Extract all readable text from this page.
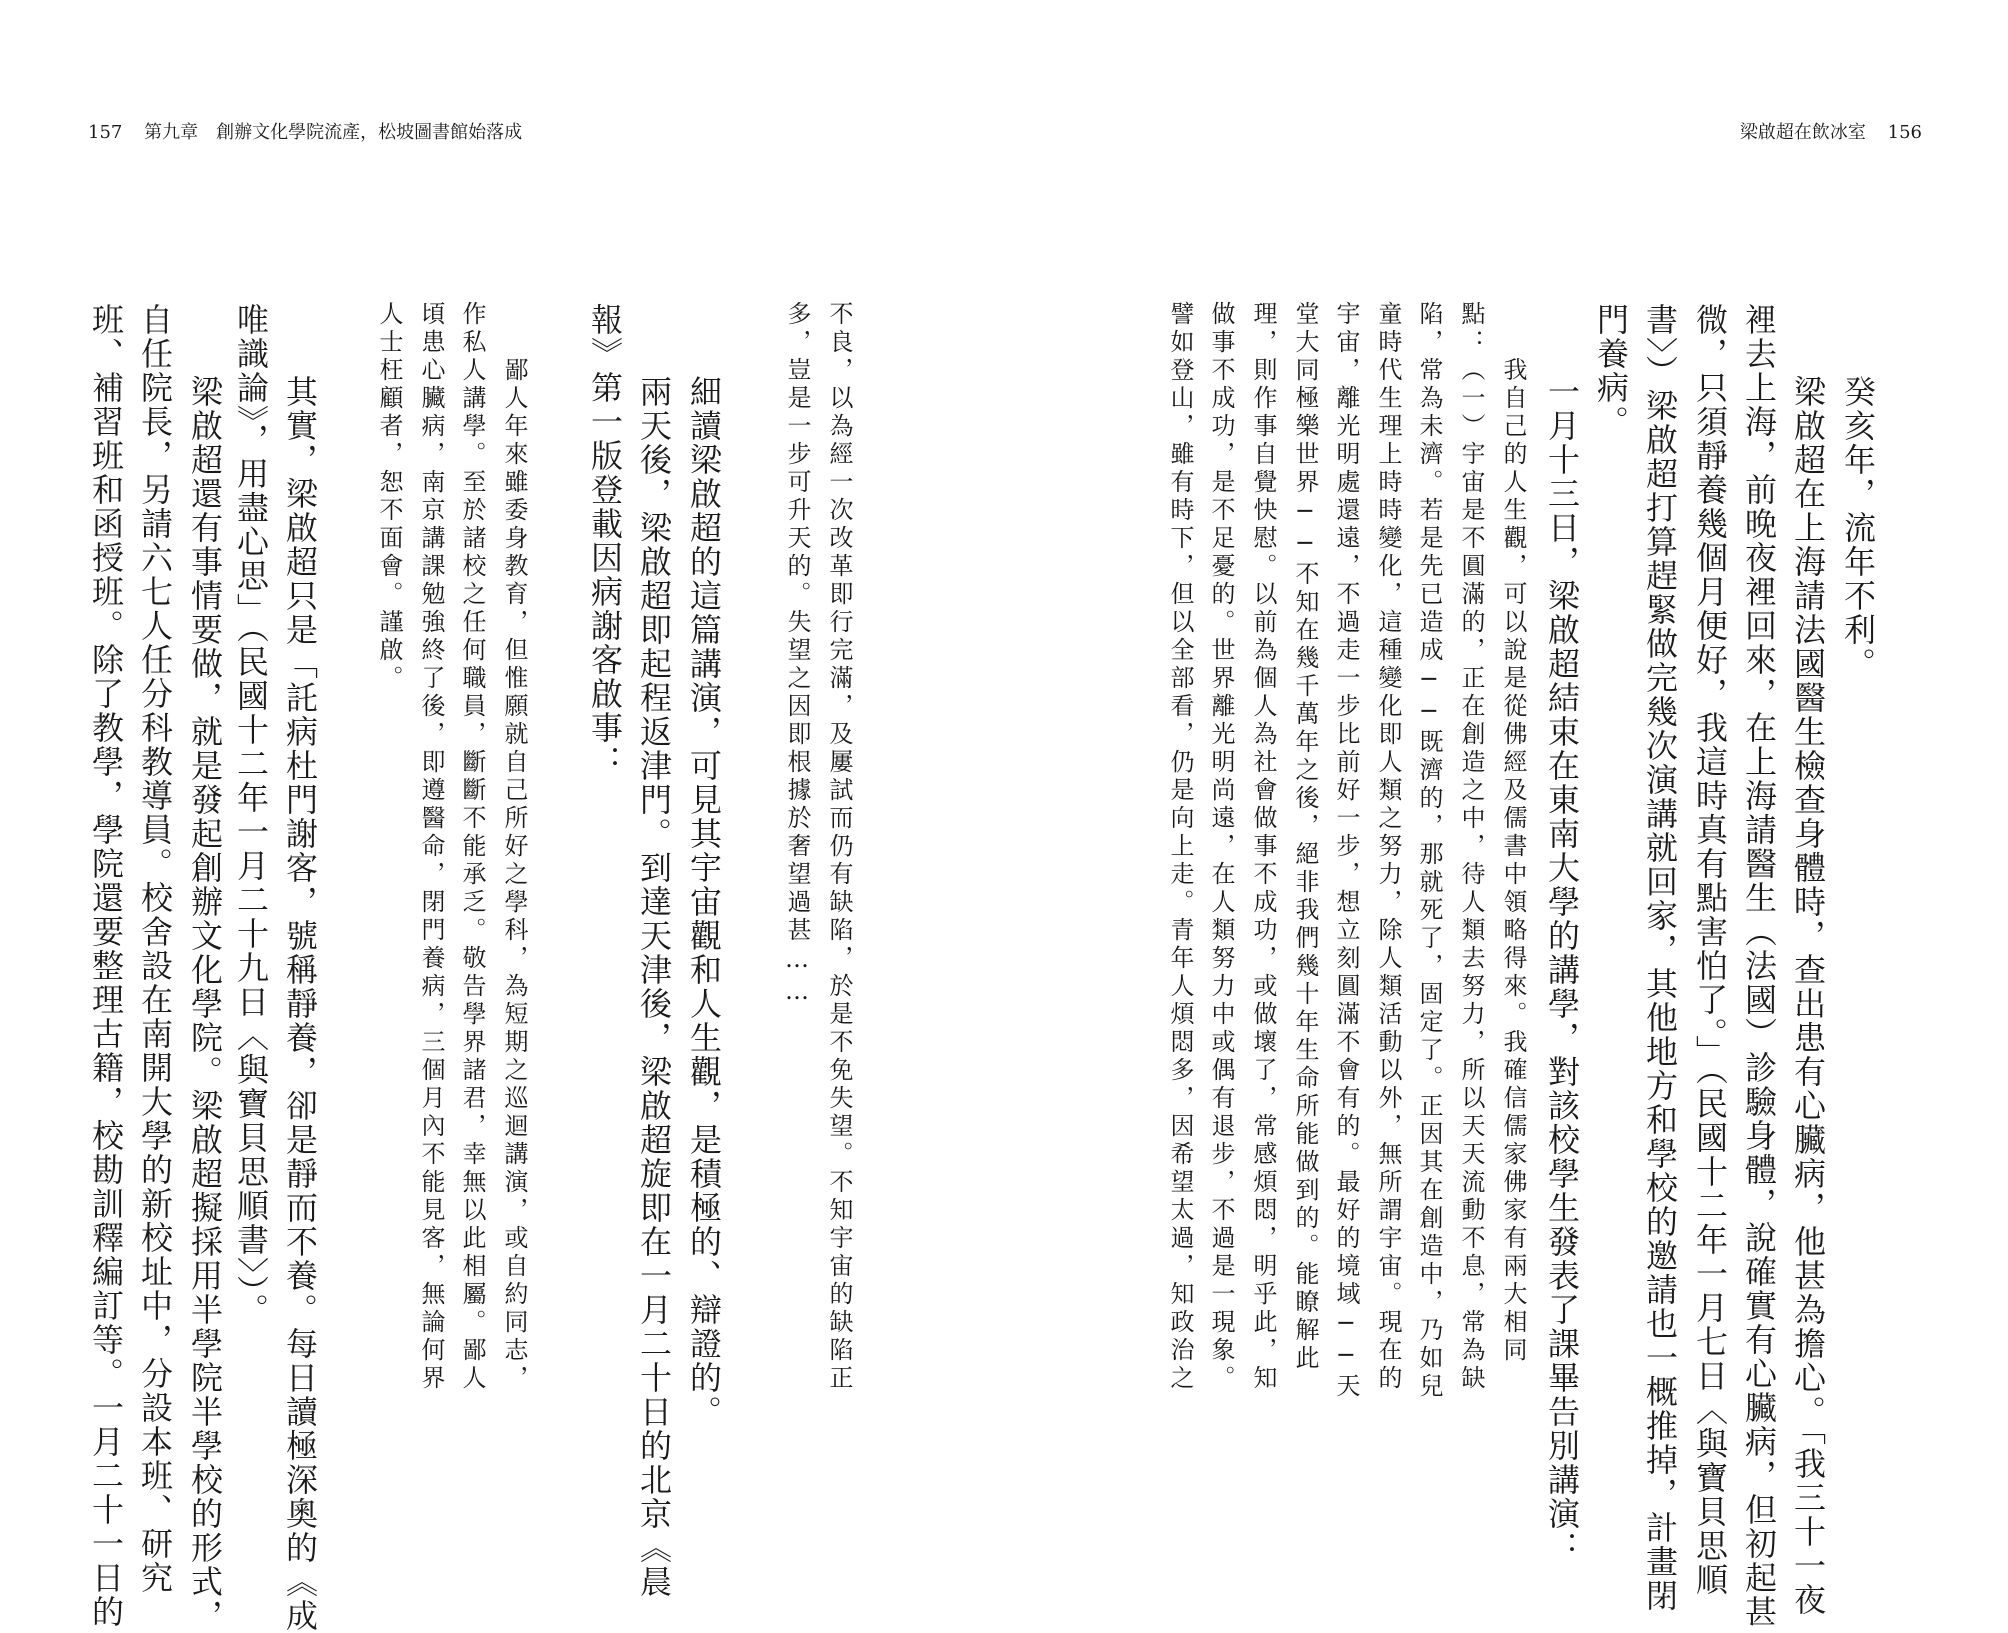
157 第九章　創辦文化學院流產，松坡圖書館始落成	梁啟超在飲冰室 156
癸亥年，流年不利。
梁啟超在上海請法國醫生檢查身體時，查出患有心臟病，他甚為擔心。「我三十一夜
裡去上海，前晚夜裡回來，在上海請醫生（法國）診驗身體，說確實有心臟病，但初起甚
微，只須靜養幾個月便好，我這時真有點害怕了。」（民國十二年一月七日〈與寶貝思順
書〉）梁啟超打算趕緊做完幾次演講就回家，其他地方和學校的邀請也一概推掉，計畫閉
門養病。
一月十三日，梁啟超結束在東南大學的講學，對該校學生發表了課畢告別講演：
我自己的人生觀，可以說是從佛經及儒書中領略得來。我確信儒家佛家有兩大相同
點：（一）宇宙是不圓滿的，正在創造之中，待人類去努力，所以天天流動不息，常為缺
陷，常為未濟。若是先已造成──既濟的，那就死了，固定了。正因其在創造中，乃如兒
童時代生理上時時變化，這種變化即人類之努力，除人類活動以外，無所謂宇宙。現在的
宇宙，離光明處還遠，不過走一步比前好一步，想立刻圓滿不會有的。最好的境域──天
堂大同極樂世界──不知在幾千萬年之後，絕非我們幾十年生命所能做到的。能瞭解此
理，則作事自覺快慰。以前為個人為社會做事不成功，或做壞了，常感煩悶，明乎此，知
做事不成功，是不足憂的。世界離光明尚遠，在人類努力中或偶有退步，不過是一現象。
譬如登山，雖有時下，但以全部看，仍是向上走。青年人煩悶多，因希望太過，知政治之
不良，以為經一次改革即行完滿，及屢試而仍有缺陷，於是不免失望。不知宇宙的缺陷正
多，豈是一步可升天的。失望之因即根據於奢望過甚……
細讀梁啟超的這篇講演，可見其宇宙觀和人生觀，是積極的、辯證的。
兩天後，梁啟超即起程返津門。到達天津後，梁啟超旋即在一月二十日的北京《晨
報》第一版登載因病謝客啟事：
鄙人年來雖委身教育，但惟願就自己所好之學科，為短期之巡迴講演，或自約同志，
作私人講學。至於諸校之任何職員，斷斷不能承乏。敬告學界諸君，幸無以此相屬。鄙人
頃患心臟病，南京講課勉強終了後，即遵醫命，閉門養病，三個月內不能見客，無論何界
人士枉顧者，恕不面會。謹啟。
其實，梁啟超只是「託病杜門謝客，號稱靜養，卻是靜而不養。每日讀極深奧的《成
唯識論》，用盡心思」（民國十二年一月二十九日〈與寶貝思順書〉）。
梁啟超還有事情要做，就是發起創辦文化學院。梁啟超擬採用半學院半學校的形式，
自任院長，另請六七人任分科教導員。校舍設在南開大學的新校址中，分設本班、研究
班、補習班和函授班。除了教學，學院還要整理古籍，校勘訓釋編訂等。一月二十一日的
